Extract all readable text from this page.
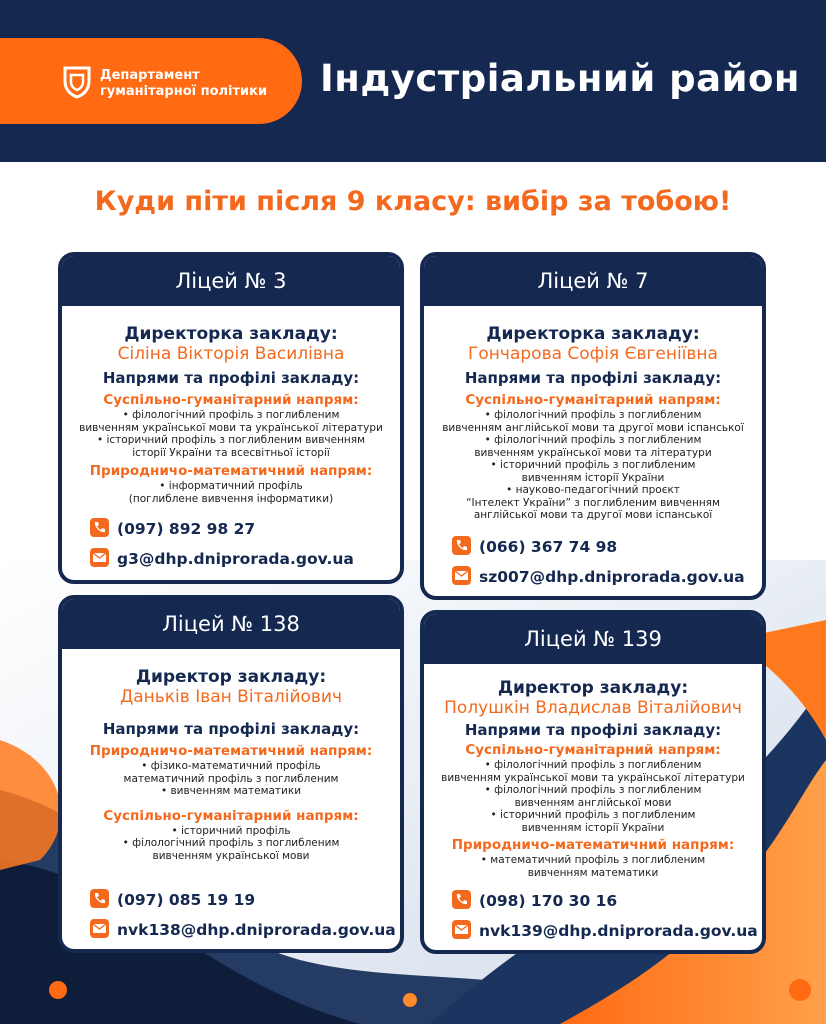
Департамент
гуманітарної політики Індустріальний район
Куди піти після 9 класу: вибір за тобою!
Ліцей № 3
Директорка закладу:
Сіліна Вікторія Василівна
Напрями та профілі закладу:
Суспільно-гуманітарний напрям:
• філологічний профіль з поглибленим
вивченням української мови та української літератури
• історичний профіль з поглибленим вивченням
історії України та всесвітньої історії
Природничо-математичний напрям:
• інформатичний профіль
(поглиблене вивчення інформатики)
(097) 892 98 27
g3@dhp.dniprorada.gov.ua
Ліцей № 7
Директорка закладу:
Гончарова Софія Євгеніївна
Напрями та профілі закладу:
Суспільно-гуманітарний напрям:
• філологічний профіль з поглибленим
вивченням англійської мови та другої мови іспанської
• філологічний профіль з поглибленим
вивченням української мови та літератури
• історичний профіль з поглибленим
вивченням історії України
• науково-педагогічний проєкт
“Інтелект України” з поглибленим вивченням
англійської мови та другої мови іспанської
(066) 367 74 98
sz007@dhp.dniprorada.gov.ua
Ліцей № 138
Директор закладу:
Даньків Іван Віталійович
Напрями та профілі закладу:
Природничо-математичний напрям:
• фізико-математичний профіль
математичний профіль з поглибленим
• вивченням математики
Суспільно-гуманітарний напрям:
• історичний профіль
• філологічний профіль з поглибленим
вивченням української мови
(097) 085 19 19
nvk138@dhp.dniprorada.gov.ua
Ліцей № 139
Директор закладу:
Полушкін Владислав Віталійович
Напрями та профілі закладу:
Суспільно-гуманітарний напрям:
• філологічний профіль з поглибленим
вивченням української мови та української літератури
• філологічний профіль з поглибленим
вивченням англійської мови
• історичний профіль з поглибленим
вивченням історії України
Природничо-математичний напрям:
• математичний профіль з поглибленим
вивченням математики
(098) 170 30 16
nvk139@dhp.dniprorada.gov.ua
